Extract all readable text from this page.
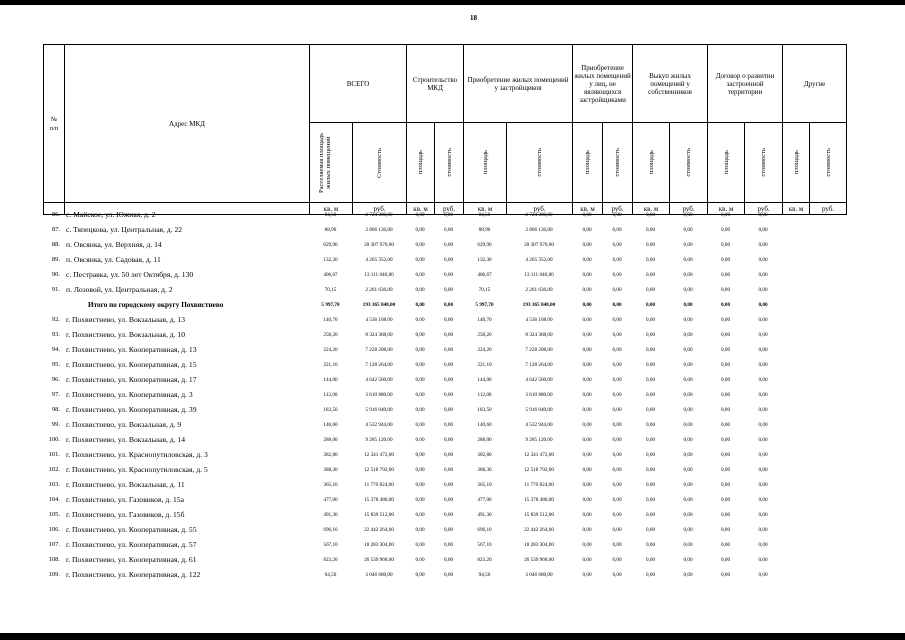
18
№
п/п	Адрес МКД	ВСЕГО		Строительство МКД		Приобретение жилых помещений у застройщиков		Приобретение жилых помещений у лиц, не являющихся застройщиками		Выкуп жилых помещений у собственников		Договор о развитии застроенной территории		Другие	

		Расселяемая площадь жилых помещений	Стоимость	площадь	стоимость	площадь	стоимость	площадь	стоимость	площадь	стоимость	площадь	стоимость	площадь	стоимость

		кв. м	руб.	кв. м	руб.	кв. м	руб.	кв. м	руб.	кв. м	руб.	кв. м	руб.	кв. м	руб.
86.	с. Майское, ул. Южная, д. 2	84,50	2 724 280,00	0,00	0,00	84,50	2 724 280,00	0,00	0,00	0,00	0,00	0,00	0,00		
87.	с. Тяпецкова, ул. Центральная, д. 22	88,90	2 866 136,00	0,00	0,00	88,90	2 866 136,00	0,00	0,00	0,00	0,00	0,00	0,00		
88.	п. Овсянка, ул. Верхняя, д. 14	629,90	20 307 976,00	0,00	0,00	629,90	20 307 976,00	0,00	0,00	0,00	0,00	0,00	0,00		
89.	п. Овсянка, ул. Садовая, д. 11	132,30	4 265 352,00	0,00	0,00	132,30	4 265 352,00	0,00	0,00	0,00	0,00	0,00	0,00		
90.	с. Пестравка, ул. 50 лет Октября, д. 130	406,67	13 111 040,80	0,00	0,00	406,67	13 111 040,80	0,00	0,00	0,00	0,00	0,00	0,00		
91.	п. Лозовой, ул. Центральная, д. 2	70,15	2 261 636,00	0,00	0,00	70,15	2 261 636,00	0,00	0,00	0,00	0,00	0,00	0,00		
	Итого по городскому округу Похвистнево	5 997,70	193 365 848,00	0,00	0,00	5 997,70	193 365 848,00	0,00	0,00	0,00	0,00	0,00	0,00		
92.	г. Похвистнево, ул. Вокзальная, д. 13	140,70	4 536 168,00	0,00	0,00	140,70	4 536 168,00	0,00	0,00	0,00	0,00	0,00	0,00		
93.	г. Похвистнево, ул. Вокзальная, д. 10	258,20	8 324 368,00	0,00	0,00	258,20	8 324 368,00	0,00	0,00	0,00	0,00	0,00	0,00		
94.	г. Похвистнево, ул. Кооперативная, д. 13	224,20	7 228 208,00	0,00	0,00	224,20	7 228 208,00	0,00	0,00	0,00	0,00	0,00	0,00		
95.	г. Похвистнево, ул. Кооперативная, д. 15	221,10	7 128 264,00	0,00	0,00	221,10	7 128 264,00	0,00	0,00	0,00	0,00	0,00	0,00		
96.	г. Похвистнево, ул. Кооперативная, д. 17	144,00	4 642 560,00	0,00	0,00	144,00	4 642 560,00	0,00	0,00	0,00	0,00	0,00	0,00		
97.	г. Похвистнево, ул. Кооперативная, д. 3	112,00	3 610 880,00	0,00	0,00	112,00	3 610 880,00	0,00	0,00	0,00	0,00	0,00	0,00		
98.	г. Похвистнево, ул. Кооперативная, д. 39	183,50	5 916 040,00	0,00	0,00	183,50	5 916 040,00	0,00	0,00	0,00	0,00	0,00	0,00		
99.	г. Похвистнево, ул. Вокзальная, д. 9	140,60	4 532 944,00	0,00	0,00	140,60	4 532 944,00	0,00	0,00	0,00	0,00	0,00	0,00		
100.	г. Похвистнево, ул. Вокзальная, д. 14	288,00	9 285 120,00	0,00	0,00	288,00	9 285 120,00	0,00	0,00	0,00	0,00	0,00	0,00		
101.	г. Похвистнево, ул. Краснопутиловская, д. 3	382,80	12 341 472,00	0,00	0,00	382,80	12 341 472,00	0,00	0,00	0,00	0,00	0,00	0,00		
102.	г. Похвистнево, ул. Краснопутиловская, д. 5	388,30	12 518 792,00	0,00	0,00	388,30	12 518 792,00	0,00	0,00	0,00	0,00	0,00	0,00		
103.	г. Похвистнево, ул. Вокзальная, д. 11	365,10	11 770 824,00	0,00	0,00	365,10	11 770 824,00	0,00	0,00	0,00	0,00	0,00	0,00		
104.	г. Похвистнево, ул. Газовиков, д. 15а	477,00	15 378 480,00	0,00	0,00	477,00	15 378 480,00	0,00	0,00	0,00	0,00	0,00	0,00		
105.	г. Похвистнево, ул. Газовиков, д. 15б	491,30	15 839 512,00	0,00	0,00	491,30	15 839 512,00	0,00	0,00	0,00	0,00	0,00	0,00		
106.	г. Похвистнево, ул. Кооперативная, д. 55	696,10	22 442 264,00	0,00	0,00	696,10	22 442 264,00	0,00	0,00	0,00	0,00	0,00	0,00		
107.	г. Похвистнево, ул. Кооперативная, д. 57	567,10	18 283 304,00	0,00	0,00	567,10	18 283 304,00	0,00	0,00	0,00	0,00	0,00	0,00		
108.	г. Похвистнево, ул. Кооперативная, д. 61	823,20	26 539 968,00	0,00	0,00	823,20	26 539 968,00	0,00	0,00	0,00	0,00	0,00	0,00		
109.	г. Похвистнево, ул. Кооперативная, д. 122	94,50	3 046 680,00	0,00	0,00	94,50	3 046 680,00	0,00	0,00	0,00	0,00	0,00	0,00		
